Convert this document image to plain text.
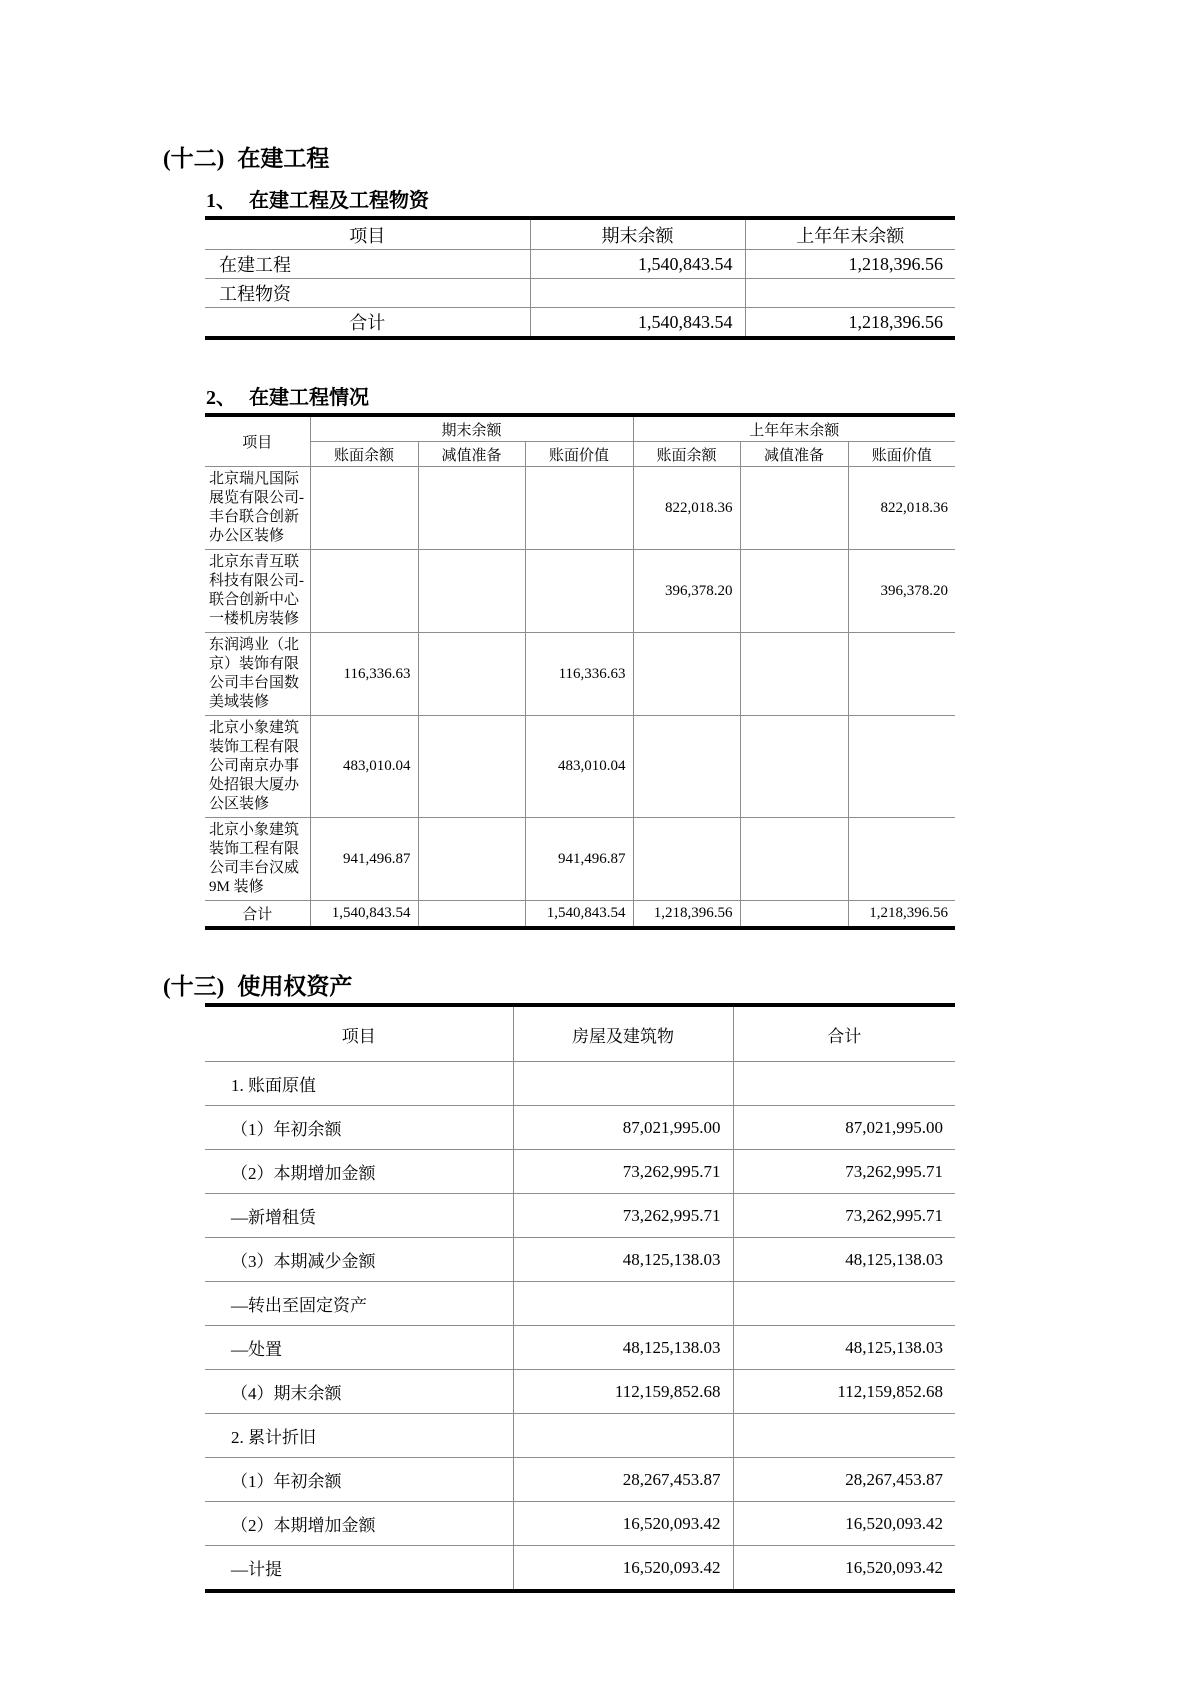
(十二) 在建工程
1、 在建工程及工程物资
项目	期末余额	上年年末余额
在建工程	1,540,843.54	1,218,396.56
工程物资		
合计	1,540,843.54	1,218,396.56
2、 在建工程情况
项目	期末余额			上年年末余额		
	账面余额	减值准备	账面价值	账面余额	减值准备	账面价值
北京瑞凡国际展览有限公司-丰台联合创新办公区装修				822,018.36		822,018.36
北京东青互联科技有限公司-联合创新中心一楼机房装修				396,378.20		396,378.20
东润鸿业（北京）装饰有限公司丰台国数美域装修	116,336.63		116,336.63			
北京小象建筑装饰工程有限公司南京办事处招银大厦办公区装修	483,010.04		483,010.04			
北京小象建筑装饰工程有限公司丰台汉威9M 装修	941,496.87		941,496.87			
合计	1,540,843.54		1,540,843.54	1,218,396.56		1,218,396.56
(十三) 使用权资产
项目	房屋及建筑物	合计
1. 账面原值		
（1）年初余额	87,021,995.00	87,021,995.00
（2）本期增加金额	73,262,995.71	73,262,995.71
—新增租赁	73,262,995.71	73,262,995.71
（3）本期减少金额	48,125,138.03	48,125,138.03
—转出至固定资产		
—处置	48,125,138.03	48,125,138.03
（4）期末余额	112,159,852.68	112,159,852.68
2. 累计折旧		
（1）年初余额	28,267,453.87	28,267,453.87
（2）本期增加金额	16,520,093.42	16,520,093.42
—计提	16,520,093.42	16,520,093.42
